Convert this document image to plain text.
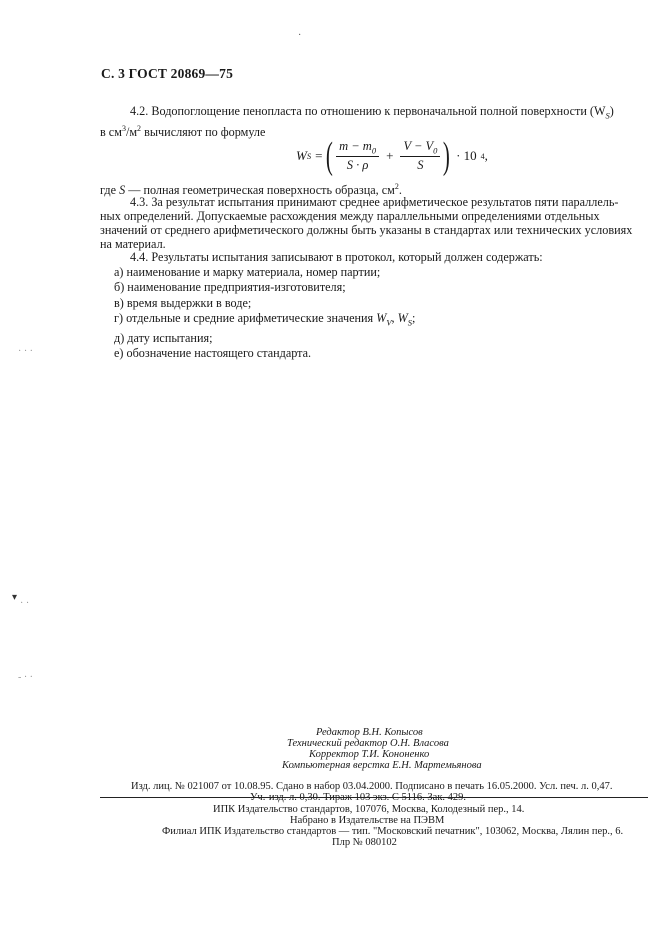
С. 3 ГОСТ 20869—75
4.2. Водопоглощение пенопласта по отношению к первоначальной полной поверхности $(W_S)$
в $см^3/м^2$ вычисляют по формуле
W S = ( $\frac{m - m_0}{S \cdot \rho} + \frac{V - V_0}{S}$ ) · 10 4 ,
где S — полная геометрическая поверхность образца, $см^2$.
4.3. За результат испытания принимают среднее арифметическое результатов пяти параллель-
ных определений. Допускаемые расхождения между параллельными определениями отдельных
значений от среднего арифметического должны быть указаны в стандартах или технических условиях
на материал.
4.4. Результаты испытания записывают в протокол, который должен содержать:
а) наименование и марку материала, номер партии;
б) наименование предприятия-изготовителя;
в) время выдержки в воде;
г) отдельные и средние арифметические значения $W_V$, $W_S$;
д) дату испытания;
е) обозначение настоящего стандарта.
· · ·
▾
· ·
- · ·
·
Редактор В.Н. Копысов
Технический редактор О.Н. Власова
Корректор Т.И. Кононенко
Компьютерная верстка Е.Н. Мартемьянова
Изд. лиц. № 021007 от 10.08.95. Сдано в набор 03.04.2000. Подписано в печать 16.05.2000. Усл. печ. л. 0,47.
Уч.-изд. л. 0,30. Тираж 103 экз. С 5116. Зак. 429.
ИПК Издательство стандартов, 107076, Москва, Колодезный пер., 14.
Набрано в Издательстве на ПЭВМ
Филиал ИПК Издательство стандартов — тип. "Московский печатник", 103062, Москва, Лялин пер., 6.
Плр № 080102
